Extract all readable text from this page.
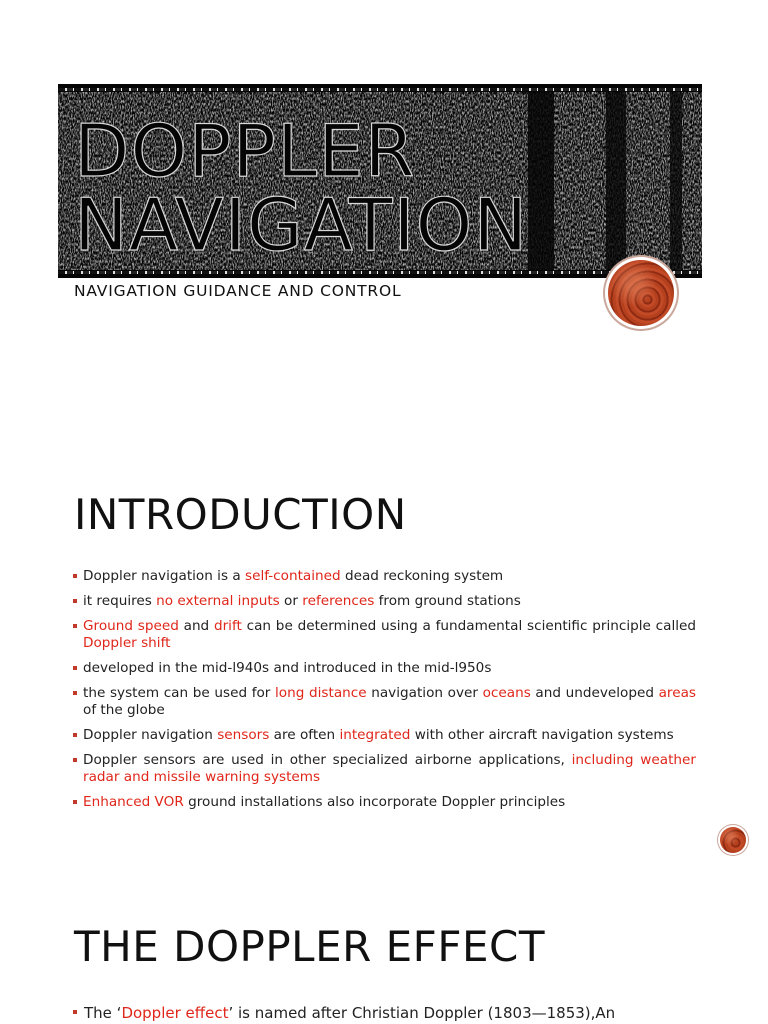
DOPPLER
NAVIGATION

NAVIGATION GUIDANCE AND CONTROL

INTRODUCTION
Doppler navigation is a self-contained dead reckoning system
it requires no external inputs or references from ground stations
Ground speed and drift can be determined using a fundamental scientific principle called Doppler shift
developed in the mid-l940s and introduced in the mid-l950s
the system can be used for long distance navigation over oceans and undeveloped areas of the globe
Doppler navigation sensors are often integrated with other aircraft navigation systems
Doppler sensors are used in other specialized airborne applications, including weather radar and missile warning systems
Enhanced VOR ground installations also incorporate Doppler principles
THE DOPPLER EFFECT
The ‘Doppler effect’ is named after Christian Doppler (1803—1853),An
